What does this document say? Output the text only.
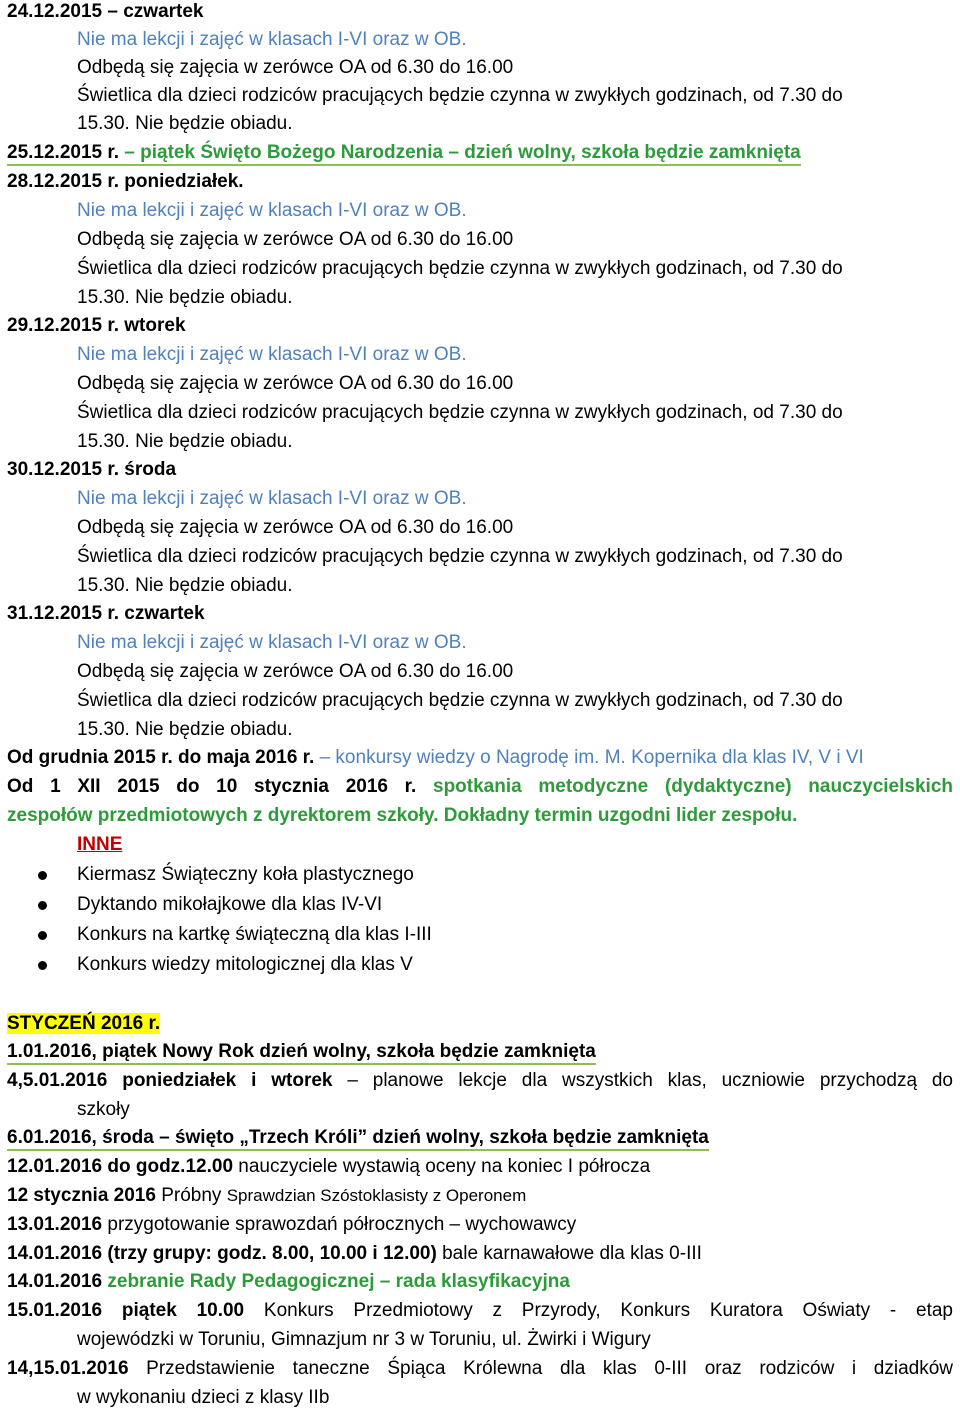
24.12.2015 – czwartek
Nie ma lekcji i zajęć w klasach I-VI oraz w OB.
Odbędą się zajęcia w zerówce OA od 6.30 do 16.00
Świetlica dla dzieci rodziców pracujących będzie czynna w zwykłych godzinach, od 7.30 do
15.30. Nie będzie obiadu.
25.12.2015 r. – piątek Święto Bożego Narodzenia – dzień wolny, szkoła będzie zamknięta
28.12.2015 r. poniedziałek.
Nie ma lekcji i zajęć w klasach I-VI oraz w OB.
Odbędą się zajęcia w zerówce OA od 6.30 do 16.00
Świetlica dla dzieci rodziców pracujących będzie czynna w zwykłych godzinach, od 7.30 do
15.30. Nie będzie obiadu.
29.12.2015 r. wtorek
Nie ma lekcji i zajęć w klasach I-VI oraz w OB.
Odbędą się zajęcia w zerówce OA od 6.30 do 16.00
Świetlica dla dzieci rodziców pracujących będzie czynna w zwykłych godzinach, od 7.30 do
15.30. Nie będzie obiadu.
30.12.2015 r. środa
Nie ma lekcji i zajęć w klasach I-VI oraz w OB.
Odbędą się zajęcia w zerówce OA od 6.30 do 16.00
Świetlica dla dzieci rodziców pracujących będzie czynna w zwykłych godzinach, od 7.30 do
15.30. Nie będzie obiadu.
31.12.2015 r. czwartek
Nie ma lekcji i zajęć w klasach I-VI oraz w OB.
Odbędą się zajęcia w zerówce OA od 6.30 do 16.00
Świetlica dla dzieci rodziców pracujących będzie czynna w zwykłych godzinach, od 7.30 do
15.30. Nie będzie obiadu.
Od grudnia 2015 r. do maja 2016 r. – konkursy wiedzy o Nagrodę im. M. Kopernika dla klas IV, V i VI
Od 1 XII 2015 do 10 stycznia 2016 r. spotkania metodyczne (dydaktyczne) nauczycielskich
zespołów przedmiotowych z dyrektorem szkoły. Dokładny termin uzgodni lider zespołu.
INNE
Kiermasz Świąteczny koła plastycznego
Dyktando mikołajkowe dla klas IV-VI
Konkurs na kartkę świąteczną dla klas I-III
Konkurs wiedzy mitologicznej dla klas V
STYCZEŃ 2016 r.
1.01.2016, piątek Nowy Rok dzień wolny, szkoła będzie zamknięta
4,5.01.2016 poniedziałek i wtorek – planowe lekcje dla wszystkich klas, uczniowie przychodzą do
szkoły
6.01.2016, środa – święto „Trzech Króli” dzień wolny, szkoła będzie zamknięta
12.01.2016 do godz.12.00 nauczyciele wystawią oceny na koniec I półrocza
12 stycznia 2016 Próbny Sprawdzian Szóstoklasisty z Operonem
13.01.2016 przygotowanie sprawozdań półrocznych – wychowawcy
14.01.2016 (trzy grupy: godz. 8.00, 10.00 i 12.00) bale karnawałowe dla klas 0-III
14.01.2016 zebranie Rady Pedagogicznej – rada klasyfikacyjna
15.01.2016 piątek 10.00 Konkurs Przedmiotowy z Przyrody, Konkurs Kuratora Oświaty - etap
wojewódzki w Toruniu, Gimnazjum nr 3 w Toruniu, ul. Żwirki i Wigury
14,15.01.2016 Przedstawienie taneczne Śpiąca Królewna dla klas 0-III oraz rodziców i dziadków
w wykonaniu dzieci z klasy IIb
